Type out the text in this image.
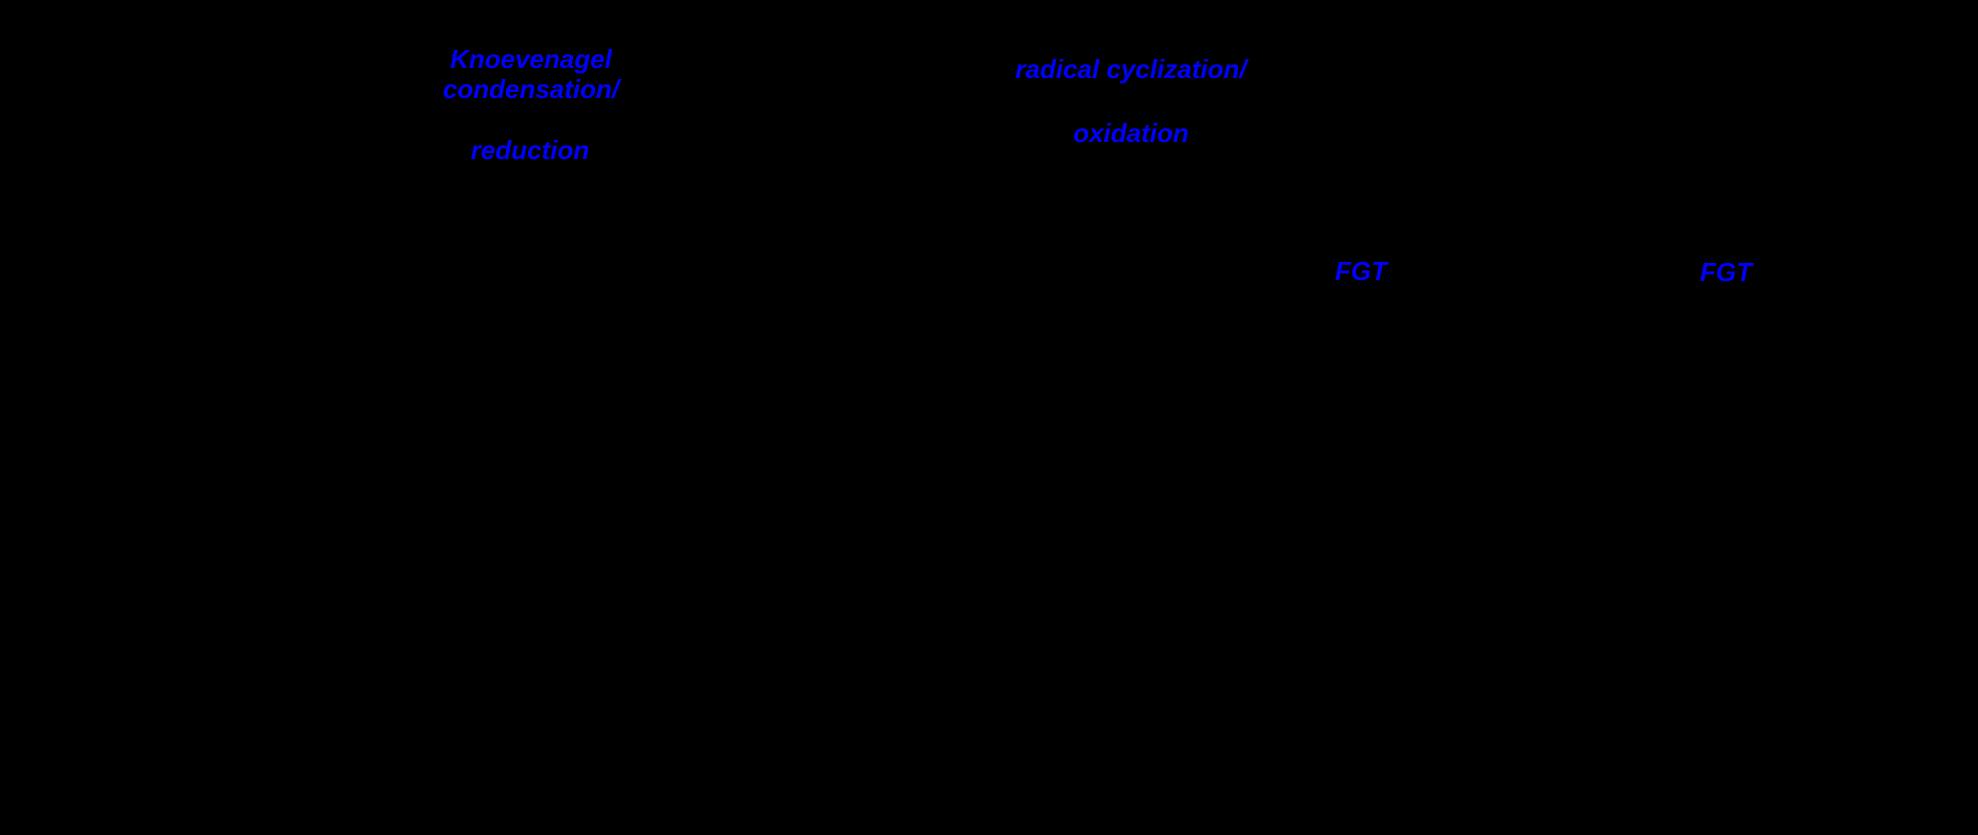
Knoevenagel
condensation/
reduction
radical cyclization/
oxidation
FGT	FGT
